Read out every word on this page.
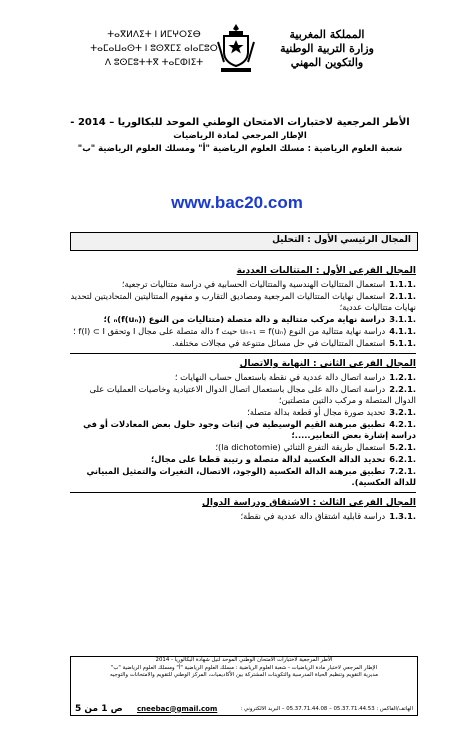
ⵜⴰⴳⵍⴷⵉⵜ ⵏ ⵍⵎⵖⵔⵉⴱ
ⵜⴰⵎⴰⵡⴰⵙⵜ ⵏ ⵓⵙⴳⵎⵉ ⴰⵏⴰⵎⵓⵔ
ⴷ ⵓⵙⵎⵓⵜⵜⴳ ⵜⴰⵎⵀⵏⵉⵜ
المملكة المغربية
وزارة التربية الوطنية
والتكوين المهني
الأطر المرجعية لاختبارات الامتحان الوطني الموحد للبكالوريا – 2014 -
الإطار المرجعي لمادة الرياضيات
شعبة العلوم الرياضية : مسلك العلوم الرياضية "أ" ومسلك العلوم الرياضية "ب"
www.bac20.com
المجال الرئيسي الأول : التحليل
المجال الفرعي الأول : المتتاليات العددية
1.1.1.استعمال المتتاليات الهندسية والمتتاليات الحسابية في دراسة متتاليات ترجعية؛
2.1.1.استعمال نهايات المتتاليات المرجعية ومصاديق التقارب و مفهوم المتتاليتين المتحاديتين لتحديد نهايات متتاليات عددية؛
3.1.1.دراسة نهاية مركب متتالية و دالة متصلة (متتاليات من النوع (f(uₙ))ₙ )؛
4.1.1.دراسة نهاية متتالية من النوع uₙ₊₁ = f(uₙ) حيث f دالة متصلة على مجال I وتحقق f(I) ⊂ I ؛
5.1.1.استعمال المتتاليات في حل مسائل متنوعة في مجالات مختلفة.
المجال الفرعي الثاني : النهاية والاتصال
1.2.1.دراسة اتصال دالة عددية في نقطة باستعمال حساب النهايات ؛
2.2.1.دراسة اتصال دالة على مجال باستعمال اتصال الدوال الاعتيادية وخاصيات العمليات على الدوال المتصلة و مركب دالتين متصلتين؛
3.2.1.تحديد صورة مجال أو قطعة بدالة متصلة؛
4.2.1.تطبيق مبرهنة القيم الوسيطية في إثبات وجود حلول بعض المعادلات أو في دراسة إشارة بعض التعابير.....؛
5.2.1.استعمال طريقة التفرع الثنائي (la dichotomie)؛
6.2.1.تحديد الدالة العكسية لدالة متصلة و رتيبة قطعا على مجال؛
7.2.1.تطبيق مبرهنة الدالة العكسية (الوجود، الاتصال، التغيرات والتمثيل المبياني للدالة العكسية).
المجال الفرعي الثالث : الاشتقاق ودراسة الدوال
1.3.1.دراسة قابلية اشتقاق دالة عددية في نقطة؛
الأطر المرجعية لاختبارات الامتحان الوطني الموحد لنيل شهادة البكالوريا - 2014
الإطار المرجعي لاختبار مادة الرياضيات - شعبة العلوم الرياضية : مسلك العلوم الرياضية "أ" ومسلك العلوم الرياضية "ب"
مديرية التقويم وتنظيم الحياة المدرسية والتكوينات المشتركة بين الأكاديميات، المركز الوطني للتقويم والامتحانات والتوجيه
الهاتف/الفاكس : 05.37.71.44.53 – 05.37.71.44.08 – البريد الالكتروني :
cneebac@gmail.com
ص 1 من 5
